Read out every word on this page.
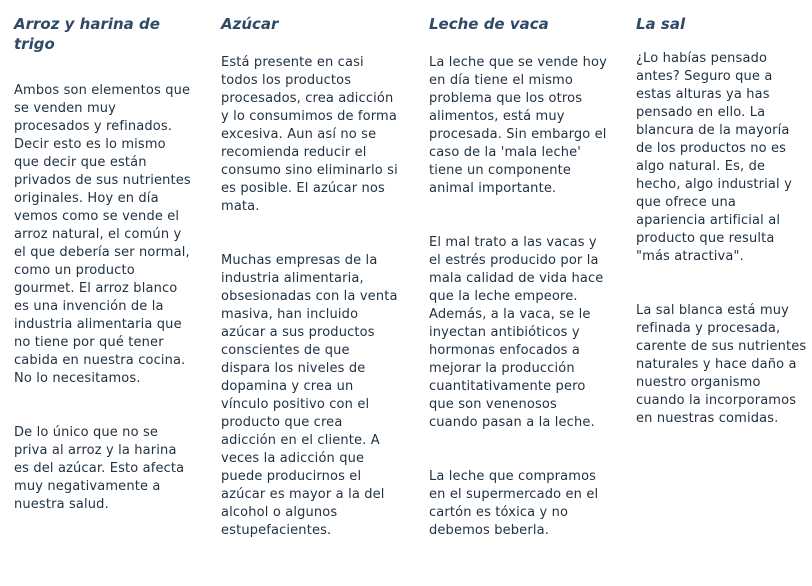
Arroz y harina de trigo

Ambos son elementos que se venden muy procesados y refinados. Decir esto es lo mismo que decir que están privados de sus nutrientes originales. Hoy en día vemos como se vende el arroz natural, el común y el que debería ser normal, como un producto gourmet. El arroz blanco es una invención de la industria alimentaria que no tiene por qué tener cabida en nuestra cocina. No lo necesitamos.

De lo único que no se priva al arroz y la harina es del azúcar. Esto afecta muy negativamente a nuestra salud.

Azúcar

Está presente en casi todos los productos procesados, crea adicción y lo consumimos de forma excesiva. Aun así no se recomienda reducir el consumo sino eliminarlo si es posible. El azúcar nos mata.

Muchas empresas de la industria alimentaria, obsesionadas con la venta masiva, han incluido azúcar a sus productos conscientes de que dispara los niveles de dopamina y crea un vínculo positivo con el producto que crea adicción en el cliente. A veces la adicción que puede producirnos el azúcar es mayor a la del alcohol o algunos estupefacientes.

Leche de vaca

La leche que se vende hoy en día tiene el mismo problema que los otros alimentos, está muy procesada. Sin embargo el caso de la 'mala leche' tiene un componente animal importante.

El mal trato a las vacas y el estrés producido por la mala calidad de vida hace que la leche empeore. Además, a la vaca, se le inyectan antibióticos y hormonas enfocados a mejorar la producción cuantitativamente pero que son venenosos cuando pasan a la leche.

La leche que compramos en el supermercado en el cartón es tóxica y no debemos beberla.

La sal

¿Lo habías pensado antes? Seguro que a estas alturas ya has pensado en ello. La blancura de la mayoría de los productos no es algo natural. Es, de hecho, algo industrial y que ofrece una apariencia artificial al producto que resulta "más atractiva".

La sal blanca está muy refinada y procesada, carente de sus nutrientes naturales y hace daño a nuestro organismo cuando la incorporamos en nuestras comidas.
